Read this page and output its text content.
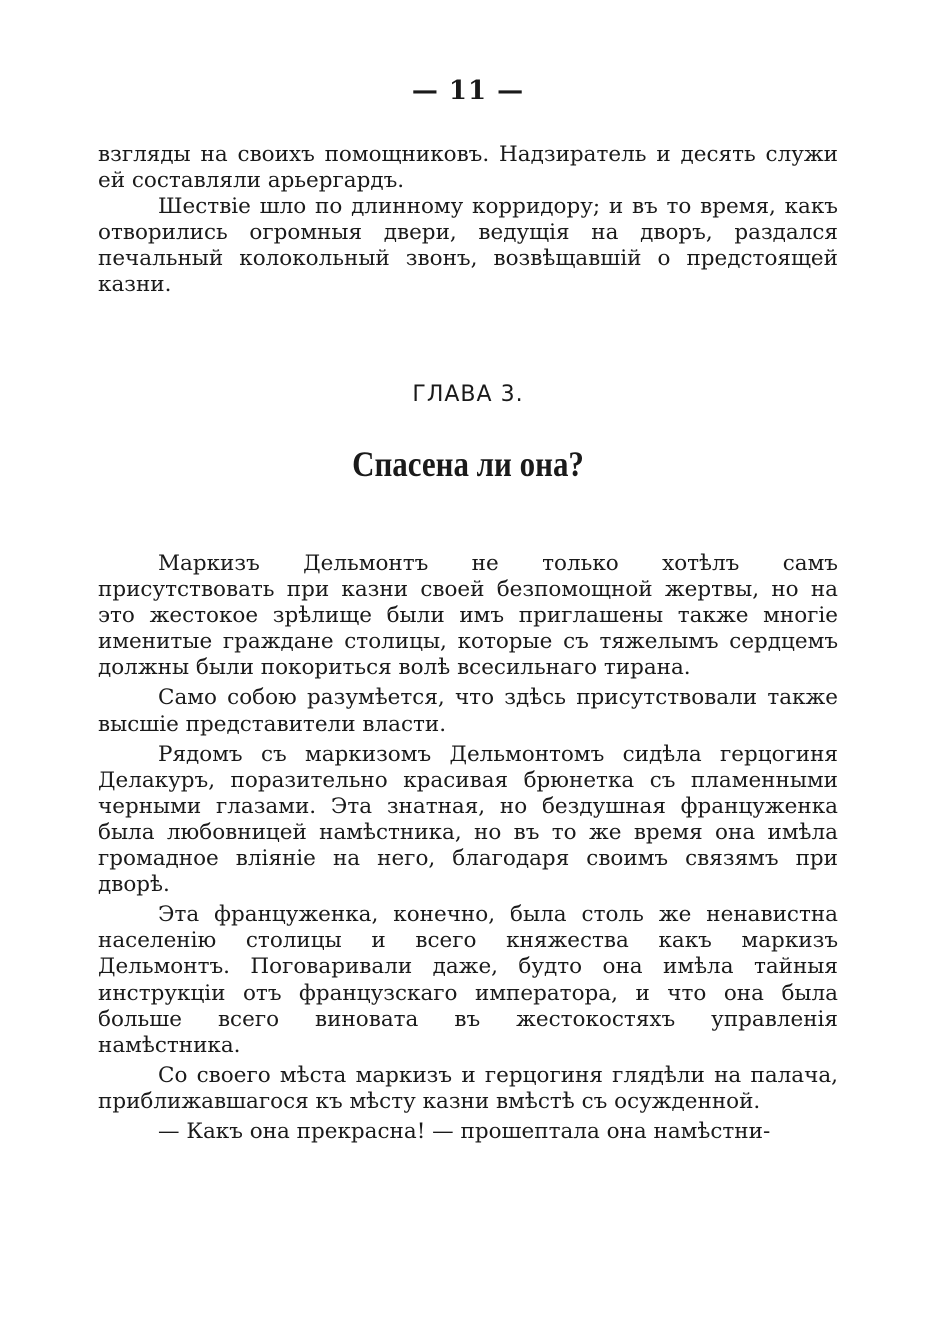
— 11 —

взгляды на своихъ помощниковъ. Надзиратель и десять служи ей составляли арьергардъ.

Шествіе шло по длинному корридору; и въ то время, какъ отворились огромныя двери, ведущія на дворъ, раздался печальный колокольный звонъ, возвѣщавшій о предстоящей казни.

ГЛАВА 3.
Спасена ли она?

Маркизъ Дельмонтъ не только хотѣлъ самъ присутствовать при казни своей безпомощной жертвы, но на это жестокое зрѣлище были имъ приглашены также многіе именитые граждане столицы, которые съ тяжелымъ сердцемъ должны были покориться волѣ всесильнаго тирана.

Само собою разумѣется, что здѣсь присутствовали также высшіе представители власти.

Рядомъ съ маркизомъ Дельмонтомъ сидѣла герцогиня Делакуръ, поразительно красивая брюнетка съ пламенными черными глазами. Эта знатная, но бездушная француженка была любовницей намѣстника, но въ то же время она имѣла громадное вліяніе на него, благодаря своимъ связямъ при дворѣ.

Эта француженка, конечно, была столь же ненавистна населенію столицы и всего княжества какъ маркизъ Дельмонтъ. Поговаривали даже, будто она имѣла тайныя инструкціи отъ французскаго императора, и что она была больше всего виновата въ жестокостяхъ управленія намѣстника.

Со своего мѣста маркизъ и герцогиня глядѣли на палача, приближавшагося къ мѣсту казни вмѣстѣ съ осужденной.

— Какъ она прекрасна! — прошептала она намѣстни-
